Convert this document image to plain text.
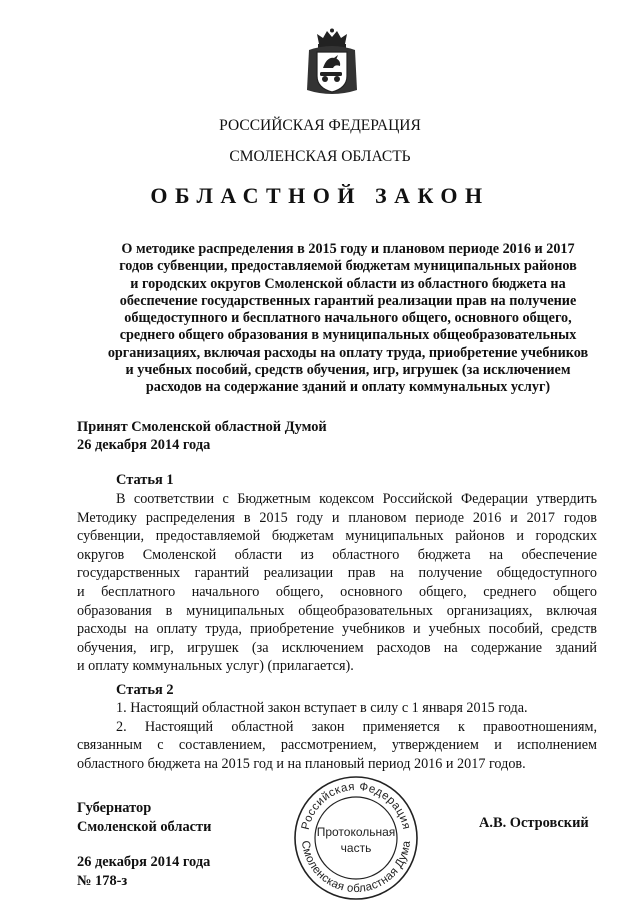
РОССИЙСКАЯ ФЕДЕРАЦИЯ
СМОЛЕНСКАЯ ОБЛАСТЬ
ОБЛАСТНОЙ ЗАКОН
О методике распределения в 2015 году и плановом периоде 2016 и 2017
годов субвенции, предоставляемой бюджетам муниципальных районов
и городских округов Смоленской области из областного бюджета на
обеспечение государственных гарантий реализации прав на получение
общедоступного и бесплатного начального общего, основного общего,
среднего общего образования в муниципальных общеобразовательных
организациях, включая расходы на оплату труда, приобретение учебников
и учебных пособий, средств обучения, игр, игрушек (за исключением
расходов на содержание зданий и оплату коммунальных услуг)
Принят Смоленской областной Думой
26 декабря 2014 года
Статья 1
В соответствии с Бюджетным кодексом Российской Федерации утвердить
Методику распределения в 2015 году и плановом периоде 2016 и 2017 годов
субвенции, предоставляемой бюджетам муниципальных районов и городских
округов Смоленской области из областного бюджета на обеспечение
государственных гарантий реализации прав на получение общедоступного
и бесплатного начального общего, основного общего, среднего общего
образования в муниципальных общеобразовательных организациях, включая
расходы на оплату труда, приобретение учебников и учебных пособий, средств
обучения, игр, игрушек (за исключением расходов на содержание зданий
и оплату коммунальных услуг) (прилагается).
Статья 2
1. Настоящий областной закон вступает в силу с 1 января 2015 года.
2. Настоящий областной закон применяется к правоотношениям,
связанным с составлением, рассмотрением, утверждением и исполнением
областного бюджета на 2015 год и на плановый период 2016 и 2017 годов.
Губернатор
Смоленской области	А.В. Островский
26 декабря 2014 года
№ 178-з
Российская Федерация
Смоленская областная Дума
Протокольная
часть
